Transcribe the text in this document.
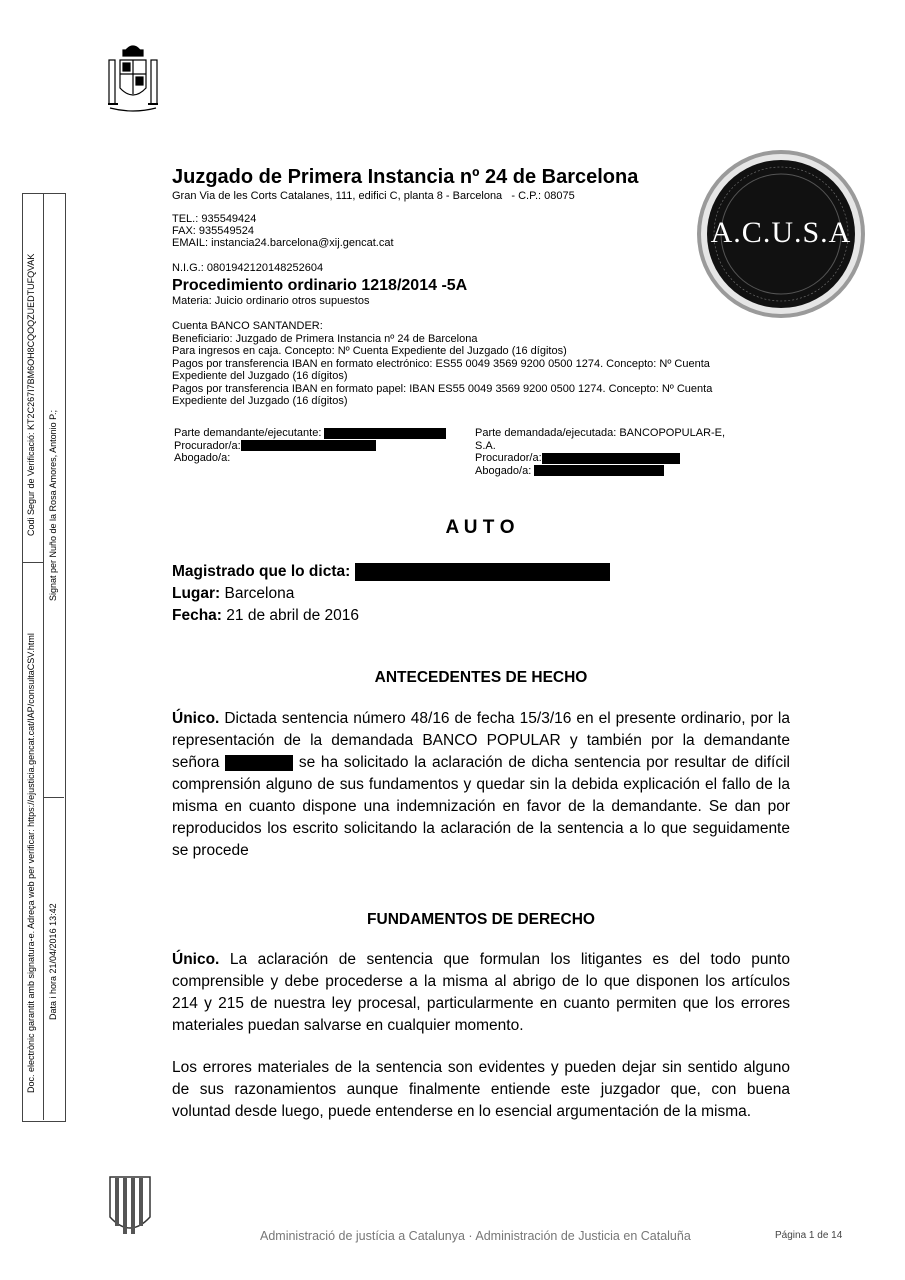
Juzgado de Primera Instancia nº 24 de Barcelona
Gran Via de les Corts Catalanes, 111, edifici C, planta 8 - Barcelona   - C.P.: 08075
TEL.: 935549424
FAX: 935549524
EMAIL: instancia24.barcelona@xij.gencat.cat
N.I.G.: 0801942120148252604
Procedimiento ordinario 1218/2014 -5A
Materia: Juicio ordinario otros supuestos
Cuenta BANCO SANTANDER:
Beneficiario: Juzgado de Primera Instancia nº 24 de Barcelona
Para ingresos en caja. Concepto: Nº Cuenta Expediente del Juzgado (16 dígitos)
Pagos por transferencia IBAN en formato electrónico: ES55 0049 3569 9200 0500 1274. Concepto: Nº Cuenta
Expediente del Juzgado (16 dígitos)
Pagos por transferencia IBAN en formato papel: IBAN ES55 0049 3569 9200 0500 1274. Concepto: Nº Cuenta
Expediente del Juzgado (16 dígitos)
A.C.U.S.A
Parte demandante/ejecutante:
Procurador/a:
Abogado/a:
Parte demandada/ejecutada: BANCOPOPULAR-E,
S.A.
Procurador/a:
Abogado/a:
A U T O
Magistrado que lo dicta:
Lugar: Barcelona
Fecha: 21 de abril de 2016
ANTECEDENTES DE HECHO
Único. Dictada sentencia número 48/16 de fecha 15/3/16 en el presente ordinario, por la representación de la demandada BANCO POPULAR y también por la demandante señora	se ha solicitado la aclaración de dicha sentencia por resultar de difícil comprensión alguno de sus fundamentos y quedar sin la debida explicación el fallo de la misma en cuanto dispone una indemnización en favor de la demandante. Se dan por reproducidos los escrito solicitando la aclaración de la sentencia a lo que seguidamente se procede
FUNDAMENTOS DE DERECHO
Único. La aclaración de sentencia que formulan los litigantes es del todo punto comprensible y debe procederse a la misma al abrigo de lo que disponen los artículos 214 y 215 de nuestra ley procesal, particularmente en cuanto permiten que los errores materiales puedan salvarse en cualquier momento.
Los errores materiales de la sentencia son evidentes y pueden dejar sin sentido alguno de sus razonamientos aunque finalmente entiende este juzgador que, con buena voluntad desde luego, puede entenderse en lo esencial argumentación de la misma.
Codi Segur de Verificació: KT2C267I7BM6OH8CQOQZUEDTUFQVAK
Doc. electrònic garantit amb signatura-e. Adreça web per verificar: https://ejusticia.gencat.cat/IAP/consultaCSV.html
Signat per Nuño de la Rosa Amores, Antonio P.;
Data i hora 21/04/2016 13:42
Administració de justícia a Catalunya · Administración de Justicia en Cataluña	Página 1 de 14
